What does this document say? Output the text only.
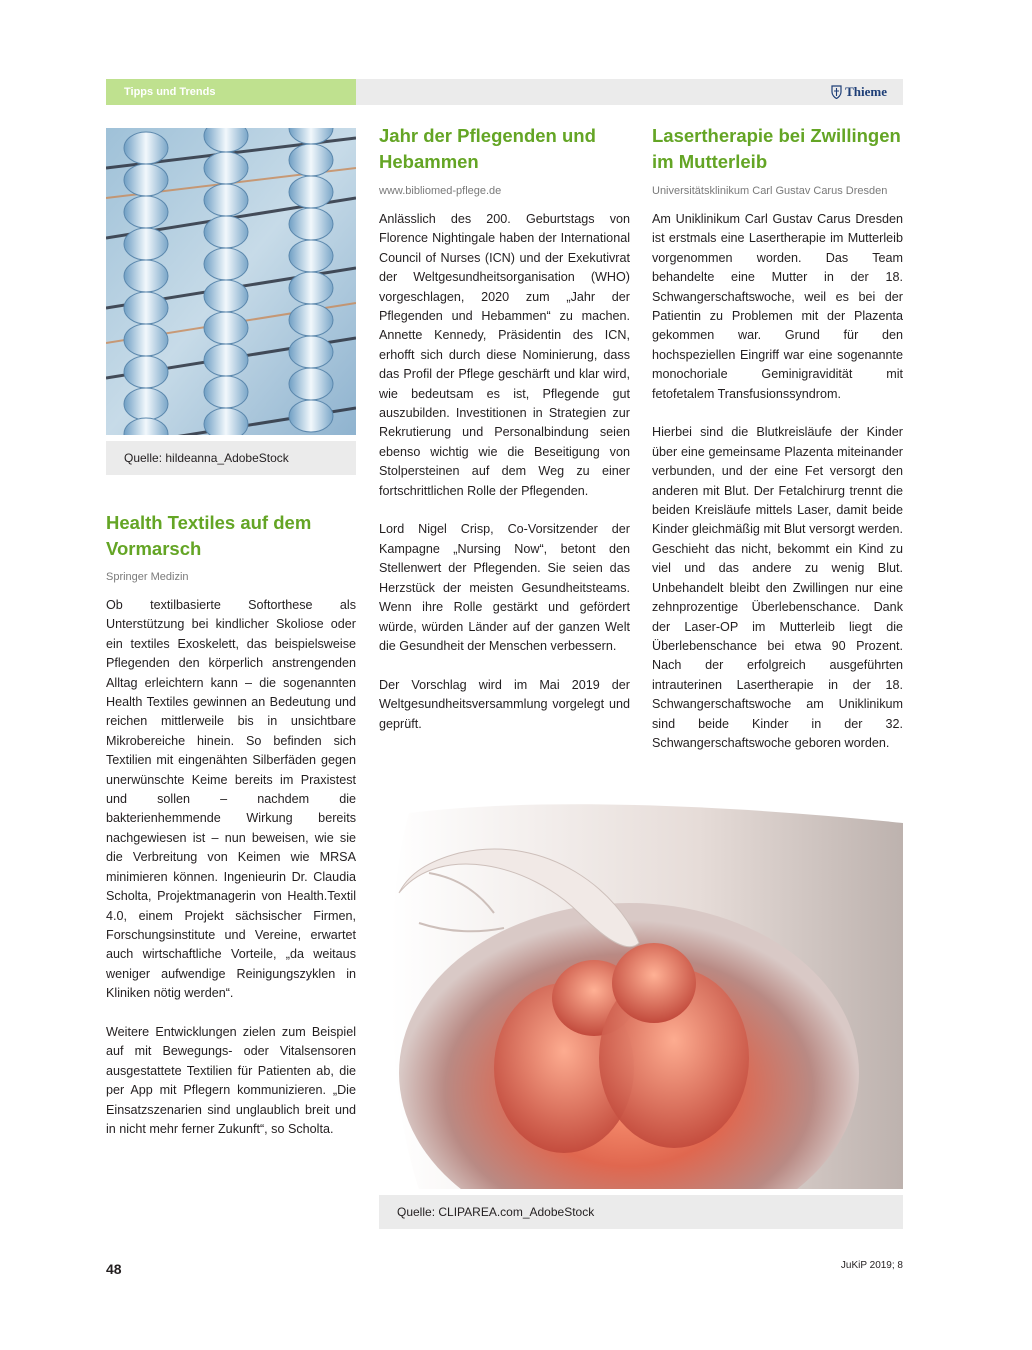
Tipps und Trends	Thieme
Quelle: hildeanna_AdobeStock
Health Textiles auf dem Vormarsch
Springer Medizin

Ob textilbasierte Softorthese als Unterstützung bei kindlicher Skoliose oder ein textiles Exoskelett, das beispielsweise Pflegenden den körperlich anstrengenden Alltag erleichtern kann – die sogenannten Health Textiles gewinnen an Bedeutung und reichen mittlerweile bis in unsichtbare Mikrobereiche hinein. So befinden sich Textilien mit eingenähten Silberfäden gegen unerwünschte Keime bereits im Praxistest und sollen – nachdem die bakterienhemmende Wirkung bereits nachgewiesen ist – nun beweisen, wie sie die Verbreitung von Keimen wie MRSA minimieren können. Ingenieurin Dr. Claudia Scholta, Projektmanagerin von Health.Textil 4.0, einem Projekt sächsischer Firmen, Forschungsinstitute und Vereine, erwartet auch wirtschaftliche Vorteile, „da weitaus weniger aufwendige Reinigungszyklen in Kliniken nötig werden“.

Weitere Entwicklungen zielen zum Beispiel auf mit Bewegungs- oder Vitalsensoren ausgestattete Textilien für Patienten ab, die per App mit Pflegern kommunizieren. „Die Einsatzszenarien sind unglaublich breit und in nicht mehr ferner Zukunft“, so Scholta.

Jahr der Pflegenden und Hebammen
www.bibliomed-pflege.de

Anlässlich des 200. Geburtstags von Florence Nightingale haben der International Council of Nurses (ICN) und der Exekutivrat der Weltgesundheitsorganisation (WHO) vorgeschlagen, 2020 zum „Jahr der Pflegenden und Hebammen“ zu machen. Annette Kennedy, Präsidentin des ICN, erhofft sich durch diese Nominierung, dass das Profil der Pflege geschärft und klar wird, wie bedeutsam es ist, Pflegende gut auszubilden. Investitionen in Strategien zur Rekrutierung und Personalbindung seien ebenso wichtig wie die Beseitigung von Stolpersteinen auf dem Weg zu einer fortschrittlichen Rolle der Pflegenden.

Lord Nigel Crisp, Co-Vorsitzender der Kampagne „Nursing Now“, betont den Stellenwert der Pflegenden. Sie seien das Herzstück der meisten Gesundheitsteams. Wenn ihre Rolle gestärkt und gefördert würde, würden Länder auf der ganzen Welt die Gesundheit der Menschen verbessern.

Der Vorschlag wird im Mai 2019 der Weltgesundheitsversammlung vorgelegt und geprüft.

Lasertherapie bei Zwillingen im Mutterleib
Universitätsklinikum Carl Gustav Carus Dresden

Am Uniklinikum Carl Gustav Carus Dresden ist erstmals eine Lasertherapie im Mutterleib vorgenommen worden. Das Team behandelte eine Mutter in der 18. Schwangerschaftswoche, weil es bei der Patientin zu Problemen mit der Plazenta gekommen war. Grund für den hochspeziellen Eingriff war eine sogenannte monochoriale Geminigravidität mit fetofetalem Transfusionssyndrom.

Hierbei sind die Blutkreisläufe der Kinder über eine gemeinsame Plazenta miteinander verbunden, und der eine Fet versorgt den anderen mit Blut. Der Fetalchirurg trennt die beiden Kreisläufe mittels Laser, damit beide Kinder gleichmäßig mit Blut versorgt werden. Geschieht das nicht, bekommt ein Kind zu viel und das andere zu wenig Blut. Unbehandelt bleibt den Zwillingen nur eine zehnprozentige Überlebenschance. Dank der Laser-OP im Mutterleib liegt die Überlebenschance bei etwa 90 Prozent. Nach der erfolgreich ausgeführten intrauterinen Lasertherapie in der 18. Schwangerschaftswoche am Uniklinikum sind beide Kinder in der 32. Schwangerschaftswoche geboren worden.

Quelle: CLIPAREA.com_AdobeStock
48	JuKiP 2019; 8
